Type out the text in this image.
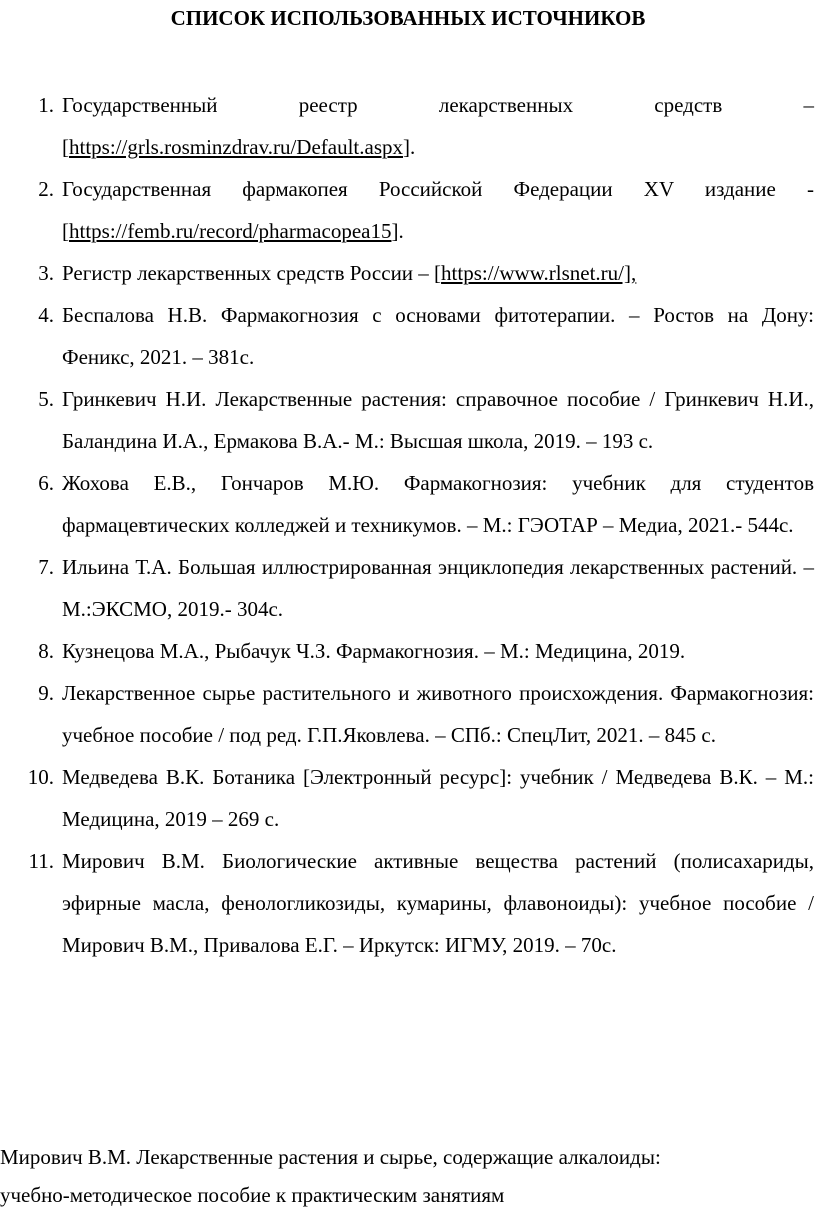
СПИСОК ИСПОЛЬЗОВАННЫХ ИСТОЧНИКОВ
1. Государственный реестр лекарственных средств – [https://grls.rosminzdrav.ru/Default.aspx].
2. Государственная фармакопея Российской Федерации XV издание - [https://femb.ru/record/pharmacopea15].
3. Регистр лекарственных средств России – [https://www.rlsnet.ru/],
4. Беспалова Н.В. Фармакогнозия с основами фитотерапии. – Ростов на Дону: Феникс, 2021. – 381с.
5. Гринкевич Н.И. Лекарственные растения: справочное пособие / Гринкевич Н.И., Баландина И.А., Ермакова В.А.- М.: Высшая школа, 2019. – 193 с.
6. Жохова Е.В., Гончаров М.Ю. Фармакогнозия: учебник для студентов фармацевтических колледжей и техникумов. – М.: ГЭОТАР – Медиа, 2021.- 544с.
7. Ильина Т.А. Большая иллюстрированная энциклопедия лекарственных растений. – М.:ЭКСМО, 2019.- 304с.
8. Кузнецова М.А., Рыбачук Ч.З. Фармакогнозия. – М.: Медицина, 2019.
9. Лекарственное сырье растительного и животного происхождения. Фармакогнозия: учебное пособие / под ред. Г.П.Яковлева. – СПб.: СпецЛит, 2021. – 845 с.
10. Медведева В.К. Ботаника [Электронный ресурс]: учебник / Медведева В.К. – М.: Медицина, 2019 – 269 с.
11. Мирович В.М. Биологические активные вещества растений (полисахариды, эфирные масла, фенологликозиды, кумарины, флавоноиды): учебное пособие / Мирович В.М., Привалова Е.Г. – Иркутск: ИГМУ, 2019. – 70с.
Мирович В.М. Лекарственные растения и сырье, содержащие алкалоиды:
учебно-методическое пособие к практическим занятиям
